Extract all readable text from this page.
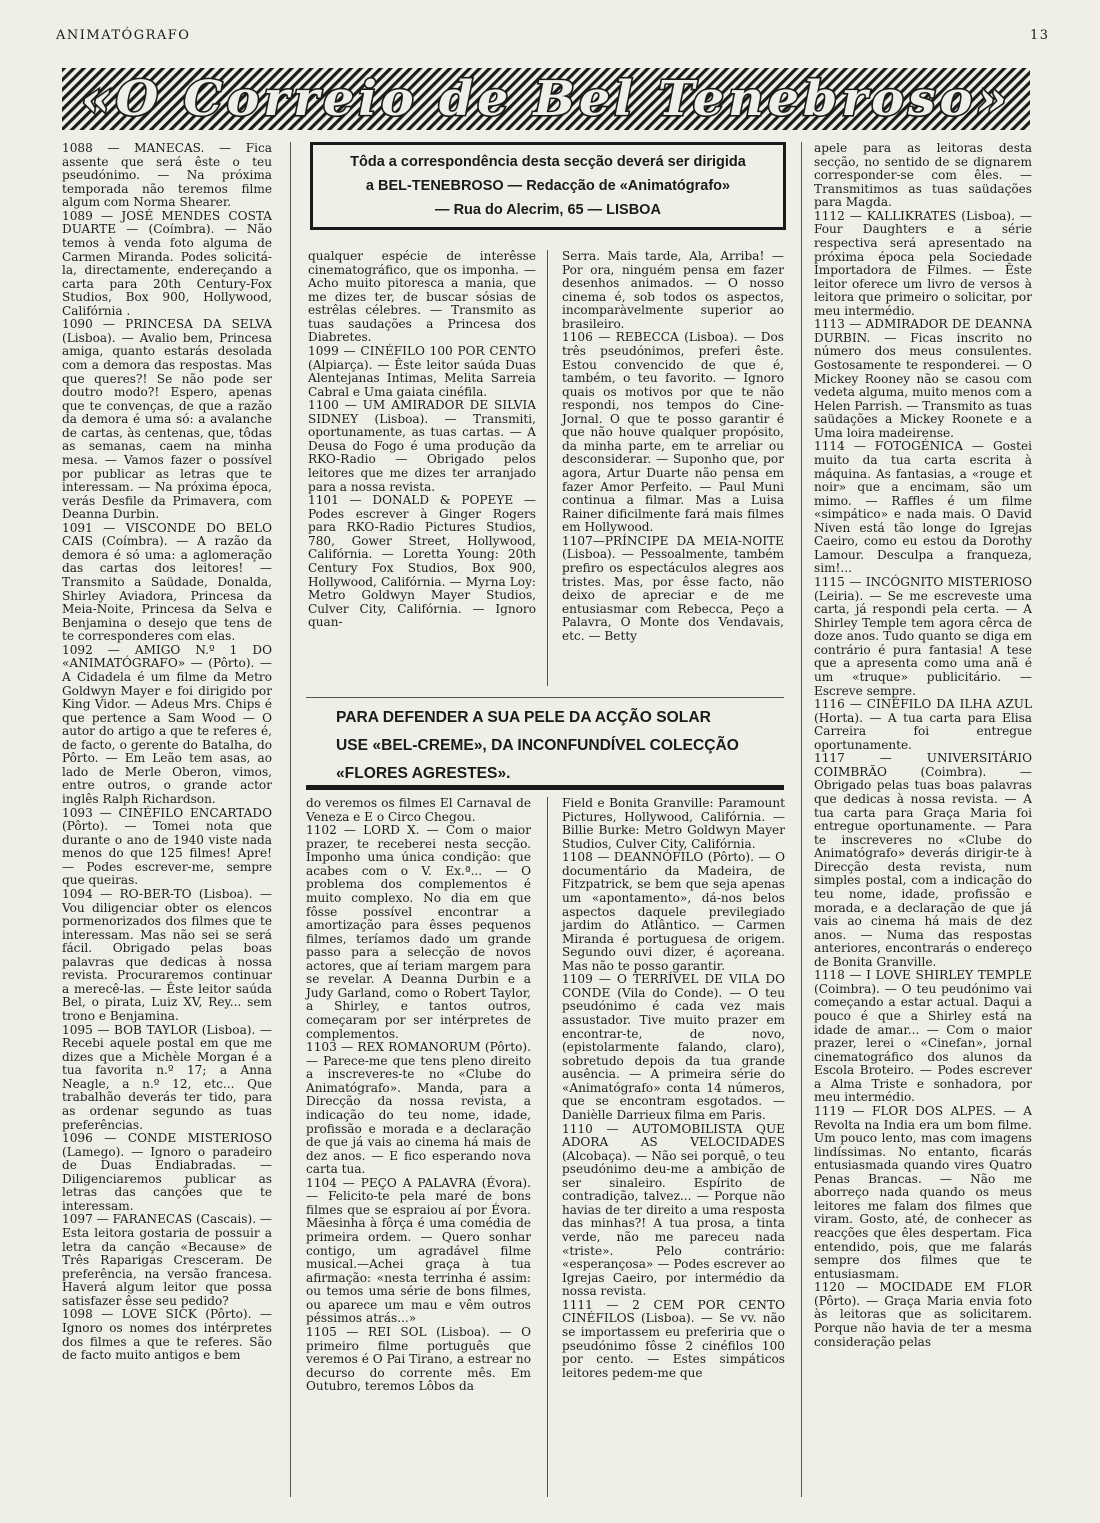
ANIMATÓGRAFO	13
«O Correio de Bel Tenebroso»
1088 — MANECAS. — Fica assente que será êste o teu pseudónimo. — Na próxima temporada não teremos filme algum com Norma Shearer.
1089 — JOSÉ MENDES COSTA DUARTE — (Coímbra). — Não temos à venda foto alguma de Carmen Miranda. Podes solicitá-la, directamente, endereçando a carta para 20th Century-Fox Studios, Box 900, Hollywood, Califórnia .
1090 — PRINCESA DA SELVA (Lisboa). — Avalio bem, Princesa amiga, quanto estarás desolada com a demora das respostas. Mas que queres?! Se não pode ser doutro modo?! Espero, apenas que te convenças, de que a razão da demora é uma só: a avalanche de cartas, às centenas, que, tôdas as semanas, caem na minha mesa. — Vamos fazer o possível por publicar as letras que te interessam. — Na próxima época, verás Desfile da Primavera, com Deanna Durbin.
1091 — VISCONDE DO BELO CAIS (Coímbra). — A razão da demora é só uma: a aglomeração das cartas dos leitores! — Transmito a Saüdade, Donalda, Shirley Aviadora, Princesa da Meia-Noite, Princesa da Selva e Benjamina o desejo que tens de te corresponderes com elas.
1092 — AMIGO N.º 1 DO «ANIMATÓGRAFO» — (Pôrto). — A Cidadela é um filme da Metro Goldwyn Mayer e foi dirigido por King Vidor. — Adeus Mrs. Chips é que pertence a Sam Wood — O autor do artigo a que te referes é, de facto, o gerente do Batalha, do Pôrto. — Em Leão tem asas, ao lado de Merle Oberon, vimos, entre outros, o grande actor inglês Ralph Richardson.
1093 — CINÉFILO ENCARTADO (Pôrto). — Tomei nota que durante o ano de 1940 viste nada menos do que 125 filmes! Apre! — Podes escrever-me, sempre que queiras.
1094 — RO-BER-TO (Lisboa). — Vou diligenciar obter os elencos pormenorizados dos filmes que te interessam. Mas não sei se será fácil. Obrigado pelas boas palavras que dedicas à nossa revista. Procuraremos continuar a merecê-las. — Êste leitor saúda Bel, o pirata, Luiz XV, Rey... sem trono e Benjamina.
1095 — BOB TAYLOR (Lisboa). — Recebi aquele postal em que me dizes que a Michèle Morgan é a tua favorita n.º 17; a Anna Neagle, a n.º 12, etc... Que trabalhão deverás ter tido, para as ordenar segundo as tuas preferências.
1096 — CONDE MISTERIOSO (Lamego). — Ignoro o paradeiro de Duas Endiabradas. — Diligenciaremos publicar as letras das canções que te interessam.
1097 — FARANECAS (Cascais). — Esta leitora gostaria de possuir a letra da canção «Because» de Três Raparigas Cresceram. De preferência, na versão francesa. Haverá algum leitor que possa satisfazer êsse seu pedido?
1098 — LOVE SICK (Pôrto). — Ignoro os nomes dos intérpretes dos filmes a que te referes. São de facto muito antigos e bem
Tôda a correspondência desta secção deverá ser dirigida
a BEL-TENEBROSO — Redacção de «Animatógrafo»
— Rua do Alecrim, 65 — LISBOA
qualquer espécie de interêsse cinematográfico, que os imponha. — Acho muito pitoresca a mania, que me dizes ter, de buscar sósias de estrêlas célebres. — Transmito as tuas saudações a Princesa dos Diabretes.
1099 — CINÉFILO 100 POR CENTO (Alpiarça). — Êste leitor saúda Duas Alentejanas Intimas, Melita Sarreia Cabral e Uma gaiata cinéfila.
1100 — UM AMIRADOR DE SILVIA SIDNEY (Lisboa). — Transmiti, oportunamente, as tuas cartas. — A Deusa do Fogo é uma produção da RKO-Radio — Obrigado pelos leitores que me dizes ter arranjado para a nossa revista.
1101 — DONALD & POPEYE — Podes escrever à Ginger Rogers para RKO-Radio Pictures Studios, 780, Gower Street, Hollywood, Califórnia. — Loretta Young: 20th Century Fox Studios, Box 900, Hollywood, Califórnia. — Myrna Loy: Metro Goldwyn Mayer Studios, Culver City, Califórnia. — Ignoro quan-
Serra. Mais tarde, Ala, Arriba! — Por ora, ninguém pensa em fazer desenhos animados. — O nosso cinema é, sob todos os aspectos, incomparàvelmente superior ao brasileiro.
1106 — REBECCA (Lisboa). — Dos três pseudónimos, preferi êste. Estou convencido de que é, também, o teu favorito. — Ignoro quais os motivos por que te não respondi, nos tempos do Cine-Jornal. O que te posso garantir é que não houve qualquer propósito, da minha parte, em te arreliar ou desconsiderar. — Suponho que, por agora, Artur Duarte não pensa em fazer Amor Perfeito. — Paul Muni continua a filmar. Mas a Luisa Rainer dificilmente fará mais filmes em Hollywood.
1107—PRÍNCIPE DA MEIA-NOITE (Lisboa). — Pessoalmente, também prefiro os espectáculos alegres aos tristes. Mas, por êsse facto, não deixo de apreciar e de me entusiasmar com Rebecca, Peço a Palavra, O Monte dos Vendavais, etc. — Betty
PARA DEFENDER A SUA PELE DA ACÇÃO SOLAR
USE «BEL-CREME», DA INCONFUNDÍVEL COLECÇÃO
«FLORES AGRESTES».
do veremos os filmes El Carnaval de Veneza e E o Circo Chegou.
1102 — LORD X. — Com o maior prazer, te receberei nesta secção. Imponho uma única condição: que acabes com o V. Ex.ª... — O problema dos complementos é muito complexo. No dia em que fôsse possível encontrar a amortização para êsses pequenos filmes, teríamos dado um grande passo para a selecção de novos actores, que aí teriam margem para se revelar. A Deanna Durbin e a Judy Garland, como o Robert Taylor, a Shirley, e tantos outros, começaram por ser intérpretes de complementos.
1103 — REX ROMANORUM (Pôrto). — Parece-me que tens pleno direito a inscreveres-te no «Clube do Animatógrafo». Manda, para a Direcção da nossa revista, a indicação do teu nome, idade, profissão e morada e a declaração de que já vais ao cinema há mais de dez anos. — E fico esperando nova carta tua.
1104 — PEÇO A PALAVRA (Évora). — Felicito-te pela maré de bons filmes que se espraiou aí por Évora. Mãesinha à fôrça é uma comédia de primeira ordem. — Quero sonhar contigo, um agradável filme musical.—Achei graça à tua afirmação: «nesta terrinha é assim: ou temos uma série de bons filmes, ou aparece um mau e vêm outros péssimos atrás...»
1105 — REI SOL (Lisboa). — O primeiro filme português que veremos é O Pai Tirano, a estrear no decurso do corrente mês. Em Outubro, teremos Lôbos da
Field e Bonita Granville: Paramount Pictures, Hollywood, Califórnia. — Billie Burke: Metro Goldwyn Mayer Studios, Culver City, Califórnia.
1108 — DEANNÓFILO (Pôrto). — O documentário da Madeira, de Fitzpatrick, se bem que seja apenas um «apontamento», dá-nos belos aspectos daquele previlegiado jardim do Atlântico. — Carmen Miranda é portuguesa de origem. Segundo ouvi dizer, é açoreana. Mas não te posso garantir.
1109 — O TERRÍVEL DE VILA DO CONDE (Vila do Conde). — O teu pseudónimo é cada vez mais assustador. Tive muito prazer em encontrar-te, de novo, (epistolarmente falando, claro), sobretudo depois da tua grande ausência. — A primeira série do «Animatógrafo» conta 14 números, que se encontram esgotados. — Danièlle Darrieux filma em Paris.
1110 — AUTOMOBILISTA QUE ADORA AS VELOCIDADES (Alcobaça). — Não sei porquê, o teu pseudónimo deu-me a ambição de ser sinaleiro. Espírito de contradição, talvez... — Porque não havias de ter direito a uma resposta das minhas?! A tua prosa, a tinta verde, não me pareceu nada «triste». Pelo contrário: «esperançosa» — Podes escrever ao Igrejas Caeiro, por intermédio da nossa revista.
1111 — 2 CEM POR CENTO CINÉFILOS (Lisboa). — Se vv. não se importassem eu preferiria que o pseudónimo fôsse 2 cinéfilos 100 por cento. — Estes simpáticos leitores pedem-me que
apele para as leitoras desta secção, no sentido de se dignarem corresponder-se com êles. — Transmitimos as tuas saüdações para Magda.
1112 — KALLIKRATES (Lisboa). — Four Daughters e a série respectiva será apresentado na próxima época pela Sociedade Importadora de Filmes. — Êste leitor oferece um livro de versos à leitora que primeiro o solicitar, por meu intermédio.
1113 — ADMIRADOR DE DEANNA DURBIN. — Ficas inscrito no número dos meus consulentes. Gostosamente te responderei. — O Mickey Rooney não se casou com vedeta alguma, muito menos com a Helen Parrish. — Transmito as tuas saüdações a Mickey Roonete e a Uma loira madeirense.
1114 — FOTOGÉNICA — Gostei muito da tua carta escrita à máquina. As fantasias, a «rouge et noir» que a encimam, são um mimo. — Raffles é um filme «simpático» e nada mais. O David Niven está tão longe do Igrejas Caeiro, como eu estou da Dorothy Lamour. Desculpa a franqueza, sim!...
1115 — INCÓGNITO MISTERIOSO (Leiria). — Se me escreveste uma carta, já respondi pela certa. — A Shirley Temple tem agora cêrca de doze anos. Tudo quanto se diga em contrário é pura fantasia! A tese que a apresenta como uma anã é um «truque» publicitário. — Escreve sempre.
1116 — CINÉFILO DA ILHA AZUL (Horta). — A tua carta para Elisa Carreira foi entregue oportunamente.
1117 — UNIVERSITÁRIO COIMBRÃO (Coimbra). — Obrigado pelas tuas boas palavras que dedicas à nossa revista. — A tua carta para Graça Maria foi entregue oportunamente. — Para te inscreveres no «Clube do Animatógrafo» deverás dirigir-te à Direcção desta revista, num simples postal, com a indicação do teu nome, idade, profissão e morada, e a declaração de que já vais ao cinema há mais de dez anos. — Numa das respostas anteriores, encontrarás o endereço de Bonita Granville.
1118 — I LOVE SHIRLEY TEMPLE (Coimbra). — O teu peudónimo vai começando a estar actual. Daqui a pouco é que a Shirley está na idade de amar... — Com o maior prazer, lerei o «Cinefan», jornal cinematográfico dos alunos da Escola Broteiro. — Podes escrever a Alma Triste e sonhadora, por meu intermédio.
1119 — FLOR DOS ALPES. — A Revolta na India era um bom filme. Um pouco lento, mas com imagens lindíssimas. No entanto, ficarás entusiasmada quando vires Quatro Penas Brancas. — Não me aborreço nada quando os meus leitores me falam dos filmes que viram. Gosto, até, de conhecer as reacções que êles despertam. Fica entendido, pois, que me falarás sempre dos filmes que te entusiasmam.
1120 — MOCIDADE EM FLOR (Pôrto). — Graça Maria envia foto às leitoras que as solicitarem. Porque não havia de ter a mesma consideração pelas
